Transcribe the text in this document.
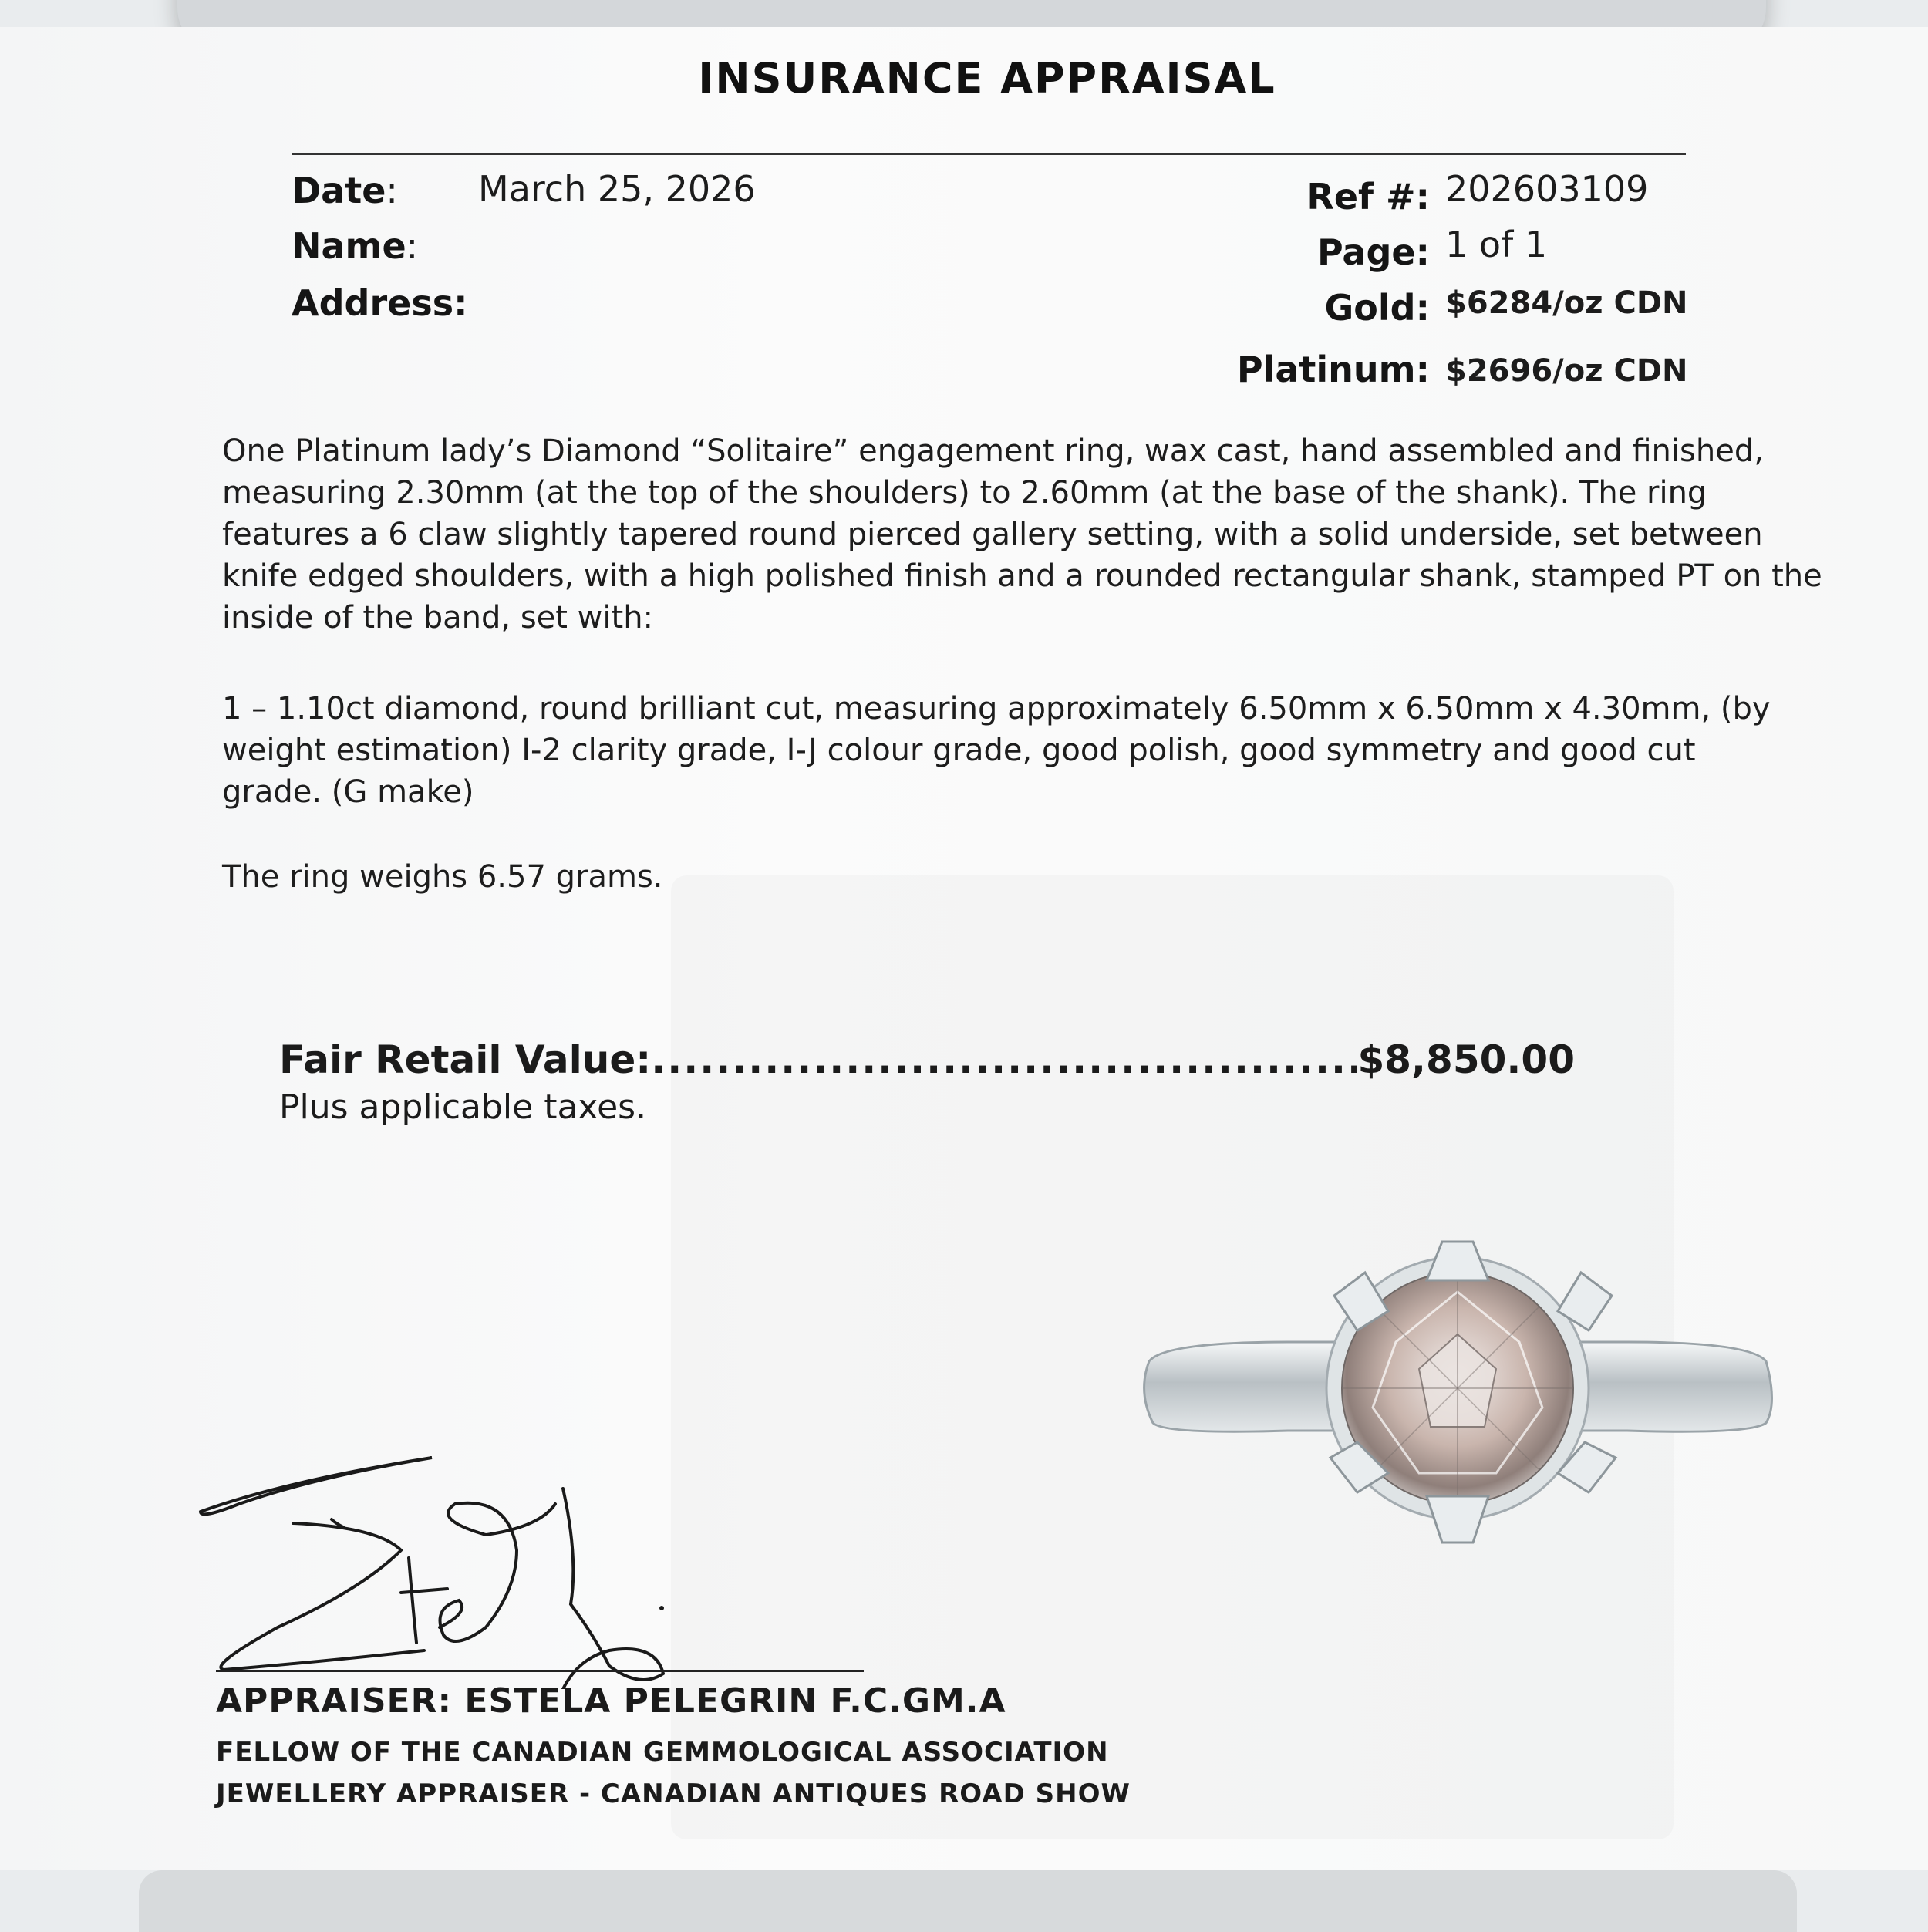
INSURANCE APPRAISAL
Date: March 25, 2026
Name:
Address:
Ref #: 202603109
Page: 1 of 1
Gold: $6284/oz CDN
Platinum: $2696/oz CDN
One Platinum lady’s Diamond “Solitaire” engagement ring, wax cast, hand assembled and finished,
measuring 2.30mm (at the top of the shoulders) to 2.60mm (at the base of the shank). The ring
features a 6 claw slightly tapered round pierced gallery setting, with a solid underside, set between
knife edged shoulders, with a high polished finish and a rounded rectangular shank, stamped PT on the
inside of the band, set with:
1 – 1.10ct diamond, round brilliant cut, measuring approximately 6.50mm x 6.50mm x 4.30mm, (by
weight estimation) I-2 clarity grade, I-J colour grade, good polish, good symmetry and good cut
grade. (G make)
The ring weighs 6.57 grams.
Fair Retail Value:
.....	$8,850.00
Plus applicable taxes.
APPRAISER: ESTELA PELEGRIN F.C.GM.A
FELLOW OF THE CANADIAN GEMMOLOGICAL ASSOCIATION
JEWELLERY APPRAISER - CANADIAN ANTIQUES ROAD SHOW
